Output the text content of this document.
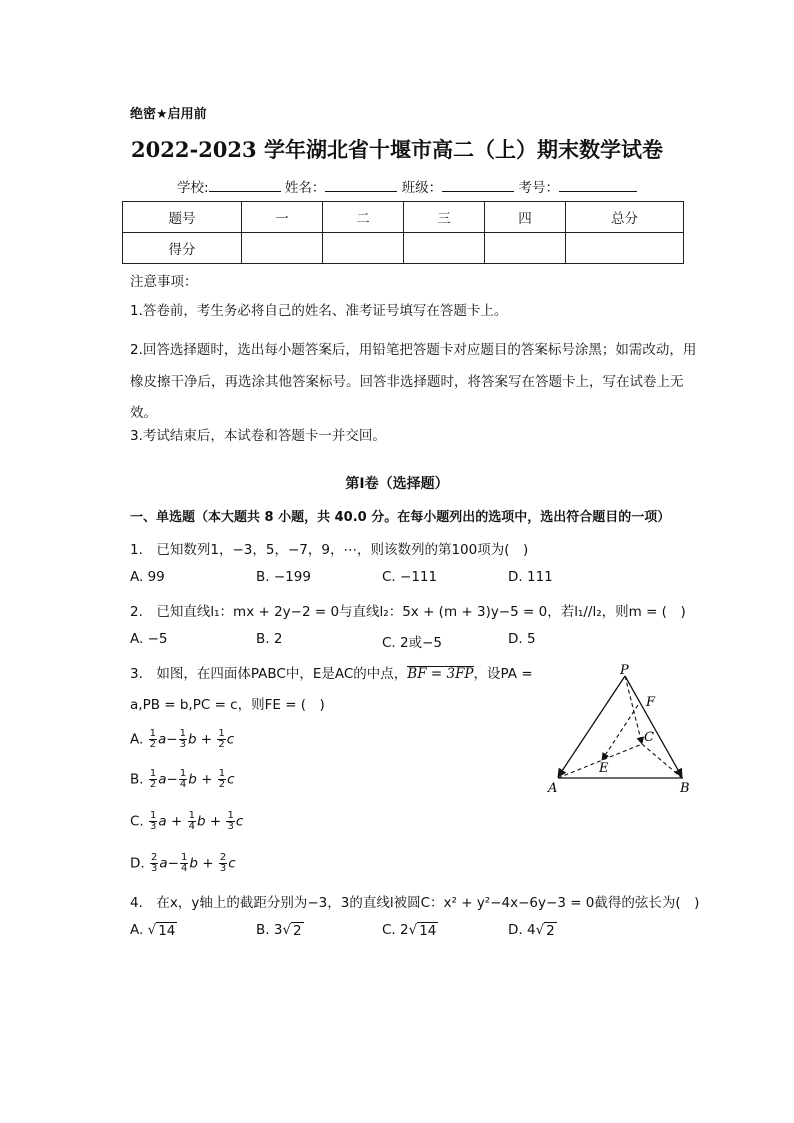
绝密★启用前
2022-2023 学年湖北省十堰市高二（上）期末数学试卷
学校:	姓名：	班级：	考号：
题号	一	二	三	四	总分
得分					
注意事项：
1.答卷前，考生务必将自己的姓名、准考证号填写在答题卡上。
2.回答选择题时，选出每小题答案后，用铅笔把答题卡对应题目的答案标号涂黑；如需改动，用橡皮擦干净后，再选涂其他答案标号。回答非选择题时，将答案写在答题卡上，写在试卷上无效。
3.考试结束后，本试卷和答题卡一并交回。
第Ⅰ卷（选择题）
一、单选题（本大题共 8 小题，共 40.0 分。在每小题列出的选项中，选出符合题目的一项）
1.　已知数列1，−3，5，−7，9，⋯，则该数列的第100项为(　)
A. 99	B. −199	C. −111	D. 111
2.　已知直线l₁：mx + 2y−2 = 0与直线l₂：5x + (m + 3)y−5 = 0，若l₁//l₂，则m = (　)
A. −5	B. 2	C. 2或−5	D. 5
3.　如图，在四面体PABC中，E是AC的中点，BF = 3FP，设PA =
a,PB = b,PC = c，则FE = (　)
A. $\frac{1}{2} a- \frac{1}{3}$ $b + \frac{1}{2}$ c
B. $\frac{1}{2} a- \frac{1}{4}$ $b + \frac{1}{2}$ c
C. $\frac{1}{3}$ $a + \frac{1}{4}$ $b + \frac{1}{3}$ c
D. $\frac{2}{3} a- \frac{1}{4}$ $b + \frac{2}{3}$ c
P
F
C
E
A	B
4.　在x，y轴上的截距分别为−3，3的直线l被圆C：x² + y²−4x−6y−3 = 0截得的弦长为(　)
A. √ 14	B. 3√ 2	C. 2√ 14	D. 4√ 2
